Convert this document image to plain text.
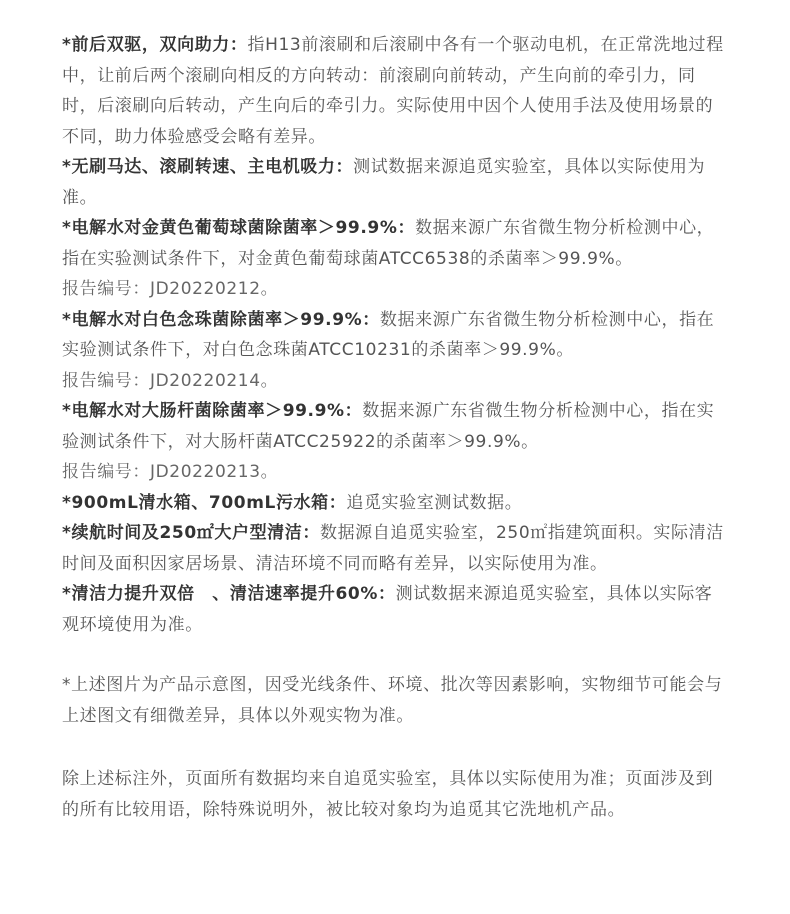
*前后双驱，双向助力：指H13前滚刷和后滚刷中各有一个驱动电机，在正常洗地过程中，让前后两个滚刷向相反的方向转动：前滚刷向前转动，产生向前的牵引力，同时，后滚刷向后转动，产生向后的牵引力。实际使用中因个人使用手法及使用场景的不同，助力体验感受会略有差异。

*无刷马达、滚刷转速、主电机吸力：测试数据来源追觅实验室，具体以实际使用为准。

*电解水对金黄色葡萄球菌除菌率＞99.9%：数据来源广东省微生物分析检测中心，指在实验测试条件下，对金黄色葡萄球菌ATCC6538的杀菌率＞99.9%。

报告编号：JD20220212。

*电解水对白色念珠菌除菌率＞99.9%：数据来源广东省微生物分析检测中心，指在实验测试条件下，对白色念珠菌ATCC10231的杀菌率＞99.9%。

报告编号：JD20220214。

*电解水对大肠杆菌除菌率＞99.9%：数据来源广东省微生物分析检测中心，指在实验测试条件下，对大肠杆菌ATCC25922的杀菌率＞99.9%。

报告编号：JD20220213。

*900mL清水箱、700mL污水箱：追觅实验室测试数据。

*续航时间及250㎡大户型清洁：数据源自追觅实验室，250㎡指建筑面积。实际清洁时间及面积因家居场景、清洁环境不同而略有差异，以实际使用为准。

*清洁力提升双倍　、清洁速率提升60%：测试数据来源追觅实验室，具体以实际客观环境使用为准。

*上述图片为产品示意图，因受光线条件、环境、批次等因素影响，实物细节可能会与上述图文有细微差异，具体以外观实物为准。

除上述标注外，页面所有数据均来自追觅实验室，具体以实际使用为准；页面涉及到的所有比较用语，除特殊说明外，被比较对象均为追觅其它洗地机产品。
